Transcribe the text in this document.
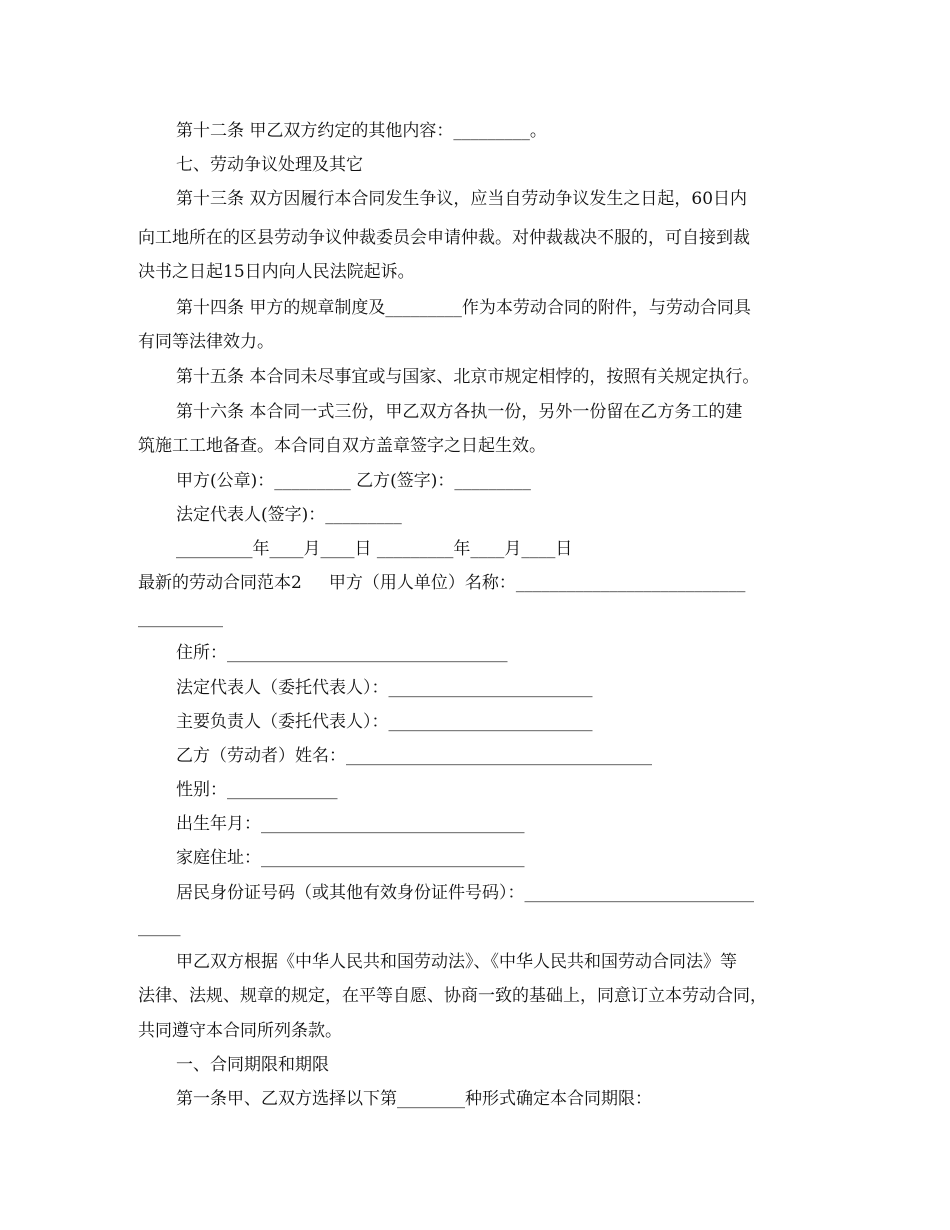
第十二条 甲乙双方约定的其他内容：_________。

七、劳动争议处理及其它

第十三条 双方因履行本合同发生争议，应当自劳动争议发生之日起，60日内

向工地所在的区县劳动争议仲裁委员会申请仲裁。对仲裁裁决不服的，可自接到裁

决书之日起15日内向人民法院起诉。

第十四条 甲方的规章制度及_________作为本劳动合同的附件，与劳动合同具

有同等法律效力。

第十五条 本合同未尽事宜或与国家、北京市规定相悖的，按照有关规定执行。

第十六条 本合同一式三份，甲乙双方各执一份，另外一份留在乙方务工的建

筑施工工地备查。本合同自双方盖章签字之日起生效。

甲方(公章)：_________ 乙方(签字)：_________

法定代表人(签字)：_________

_________年____月____日 _________年____月____日

最新的劳动合同范本2     甲方（用人单位）名称：___________________________

__________

住所：_________________________________

法定代表人（委托代表人）：________________________

主要负责人（委托代表人）：________________________

乙方（劳动者）姓名：____________________________________

性别：_____________

出生年月：_______________________________

家庭住址：_______________________________

居民身份证号码（或其他有效身份证件号码）：___________________________

_____

甲乙双方根据《中华人民共和国劳动法》、《中华人民共和国劳动合同法》等

法律、法规、规章的规定，在平等自愿、协商一致的基础上，同意订立本劳动合同，

共同遵守本合同所列条款。

一、合同期限和期限

第一条甲、乙双方选择以下第________种形式确定本合同期限：
